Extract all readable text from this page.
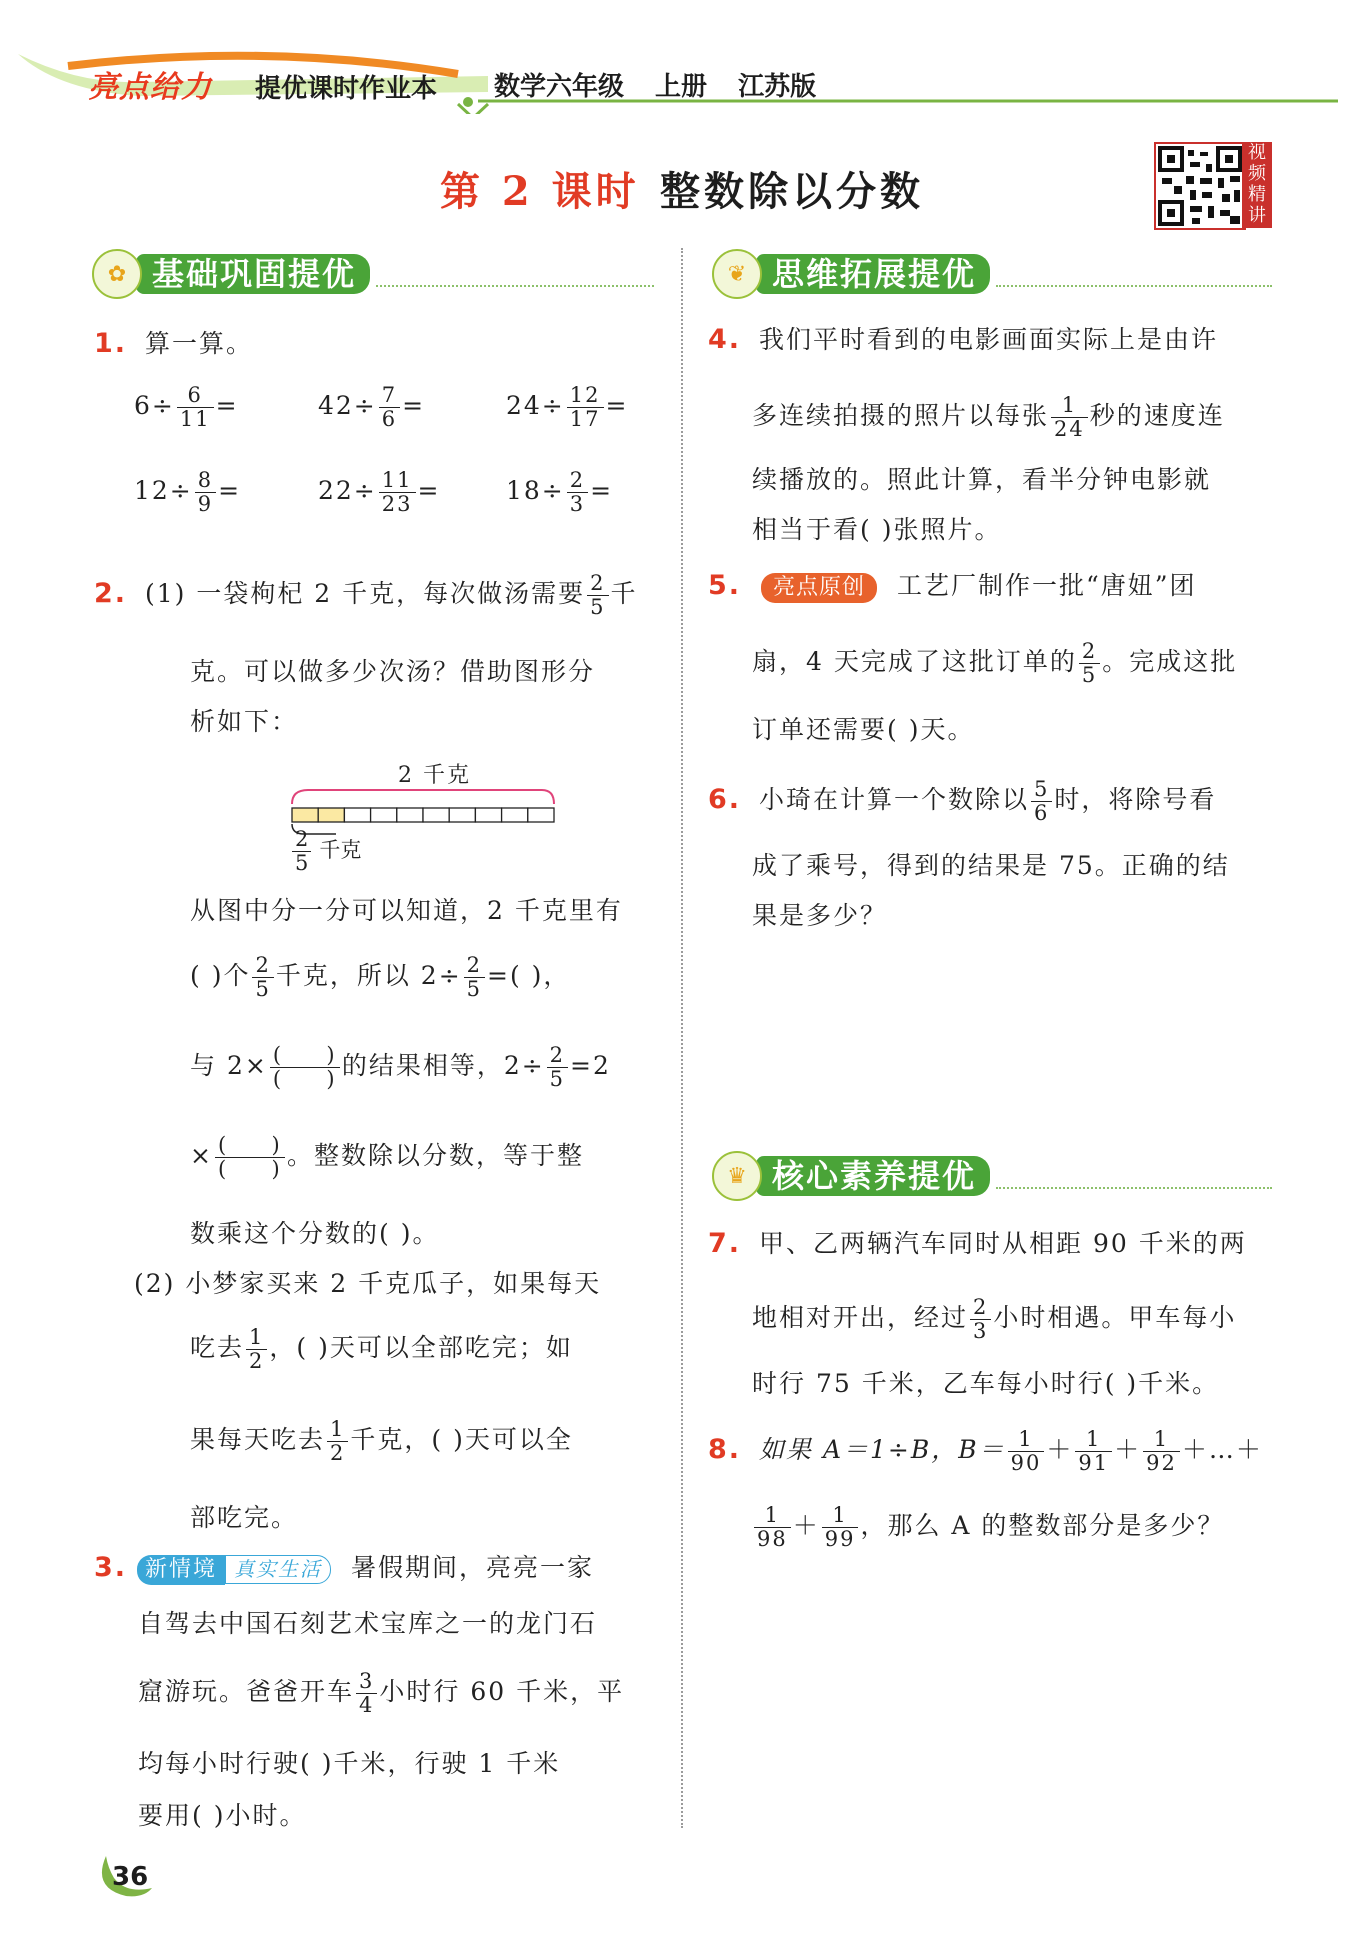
亮点给力 提优课时作业本 数学六年级 上册 江苏版
第 2 课时 整数除以分数
视频精讲
✿ 基础巩固提优
1. 算一算。
$6\div \frac{6}{11}$ =	$42\div \frac{7}{6}$ =	$24\div \frac{12}{17}$ =
$12\div \frac{8}{9}$ =	$22\div \frac{11}{23}$ =	$18\div \frac{2}{3}$ =
2. (1) 一袋枸杞 2 千克，每次做汤需要 $\frac{2}{5}$ 千
克。可以做多少次汤？借助图形分
析如下：
2 千克
$\frac{2}{5}$ 千克
从图中分一分可以知道，2 千克里有
( )个 $\frac{2}{5}$ 千克，所以 $2\div \frac{2}{5}$ =( )，
与 $2\times \frac{( )}{( )}$ 的结果相等，$2\div \frac{2}{5} =2$
× $\frac{( )}{( )}$ 。整数除以分数，等于整
数乘这个分数的( )。
(2) 小梦家买来 2 千克瓜子，如果每天
吃去 $\frac{1}{2}$ ，( )天可以全部吃完；如
果每天吃去 $\frac{1}{2}$ 千克，( )天可以全
部吃完。
3. 新情境 真实生活 暑假期间，亮亮一家
自驾去中国石刻艺术宝库之一的龙门石
窟游玩。爸爸开车 $\frac{3}{4}$ 小时行 60 千米，平
均每小时行驶( )千米，行驶 1 千米
要用( )小时。
❦ 思维拓展提优
4. 我们平时看到的电影画面实际上是由许
多连续拍摄的照片以每张 $\frac{1}{24}$ 秒的速度连
续播放的。照此计算，看半分钟电影就
相当于看( )张照片。
5. 亮点原创 工艺厂制作一批“唐妞”团
扇，4 天完成了这批订单的 $\frac{2}{5}$ 。完成这批
订单还需要( )天。
6. 小琦在计算一个数除以 $\frac{5}{6}$ 时，将除号看
成了乘号，得到的结果是 75。正确的结
果是多少？
♛ 核心素养提优
7. 甲、乙两辆汽车同时从相距 90 千米的两
地相对开出，经过 $\frac{2}{3}$ 小时相遇。甲车每小
时行 75 千米，乙车每小时行( )千米。
8. 如果 A＝1÷B，$B= \frac{1}{90} + \frac{1}{91} + \frac{1}{92}$ ＋…＋
$\frac{1}{98} + \frac{1}{99}$ ，那么 A 的整数部分是多少？
36
